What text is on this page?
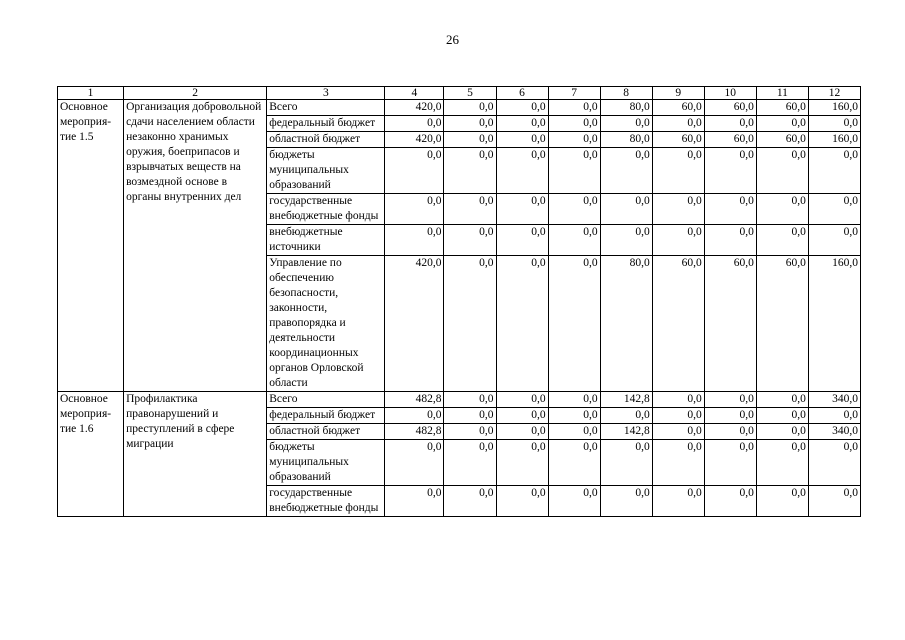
26
1	2	3	4	5	6	7	8	9	10	11	12
Основное мероприя-тие 1.5	Организация добровольной сдачи населением области незаконно хранимых оружия, боеприпасов и взрывчатых веществ на возмездной основе в органы внутренних дел	Всего	420,0	0,0	0,0	0,0	80,0	60,0	60,0	60,0	160,0
		федеральный бюджет	0,0	0,0	0,0	0,0	0,0	0,0	0,0	0,0	0,0
		областной бюджет	420,0	0,0	0,0	0,0	80,0	60,0	60,0	60,0	160,0
		бюджеты муниципальных образований	0,0	0,0	0,0	0,0	0,0	0,0	0,0	0,0	0,0
		государственные внебюджетные фонды	0,0	0,0	0,0	0,0	0,0	0,0	0,0	0,0	0,0
		внебюджетные источники	0,0	0,0	0,0	0,0	0,0	0,0	0,0	0,0	0,0
		Управление по обеспечению безопасности, законности, правопорядка и деятельности координационных органов Орловской области	420,0	0,0	0,0	0,0	80,0	60,0	60,0	60,0	160,0
Основное мероприя-тие 1.6	Профилактика правонарушений и преступлений в сфере миграции	Всего	482,8	0,0	0,0	0,0	142,8	0,0	0,0	0,0	340,0
		федеральный бюджет	0,0	0,0	0,0	0,0	0,0	0,0	0,0	0,0	0,0
		областной бюджет	482,8	0,0	0,0	0,0	142,8	0,0	0,0	0,0	340,0
		бюджеты муниципальных образований	0,0	0,0	0,0	0,0	0,0	0,0	0,0	0,0	0,0
		государственные внебюджетные фонды	0,0	0,0	0,0	0,0	0,0	0,0	0,0	0,0	0,0
